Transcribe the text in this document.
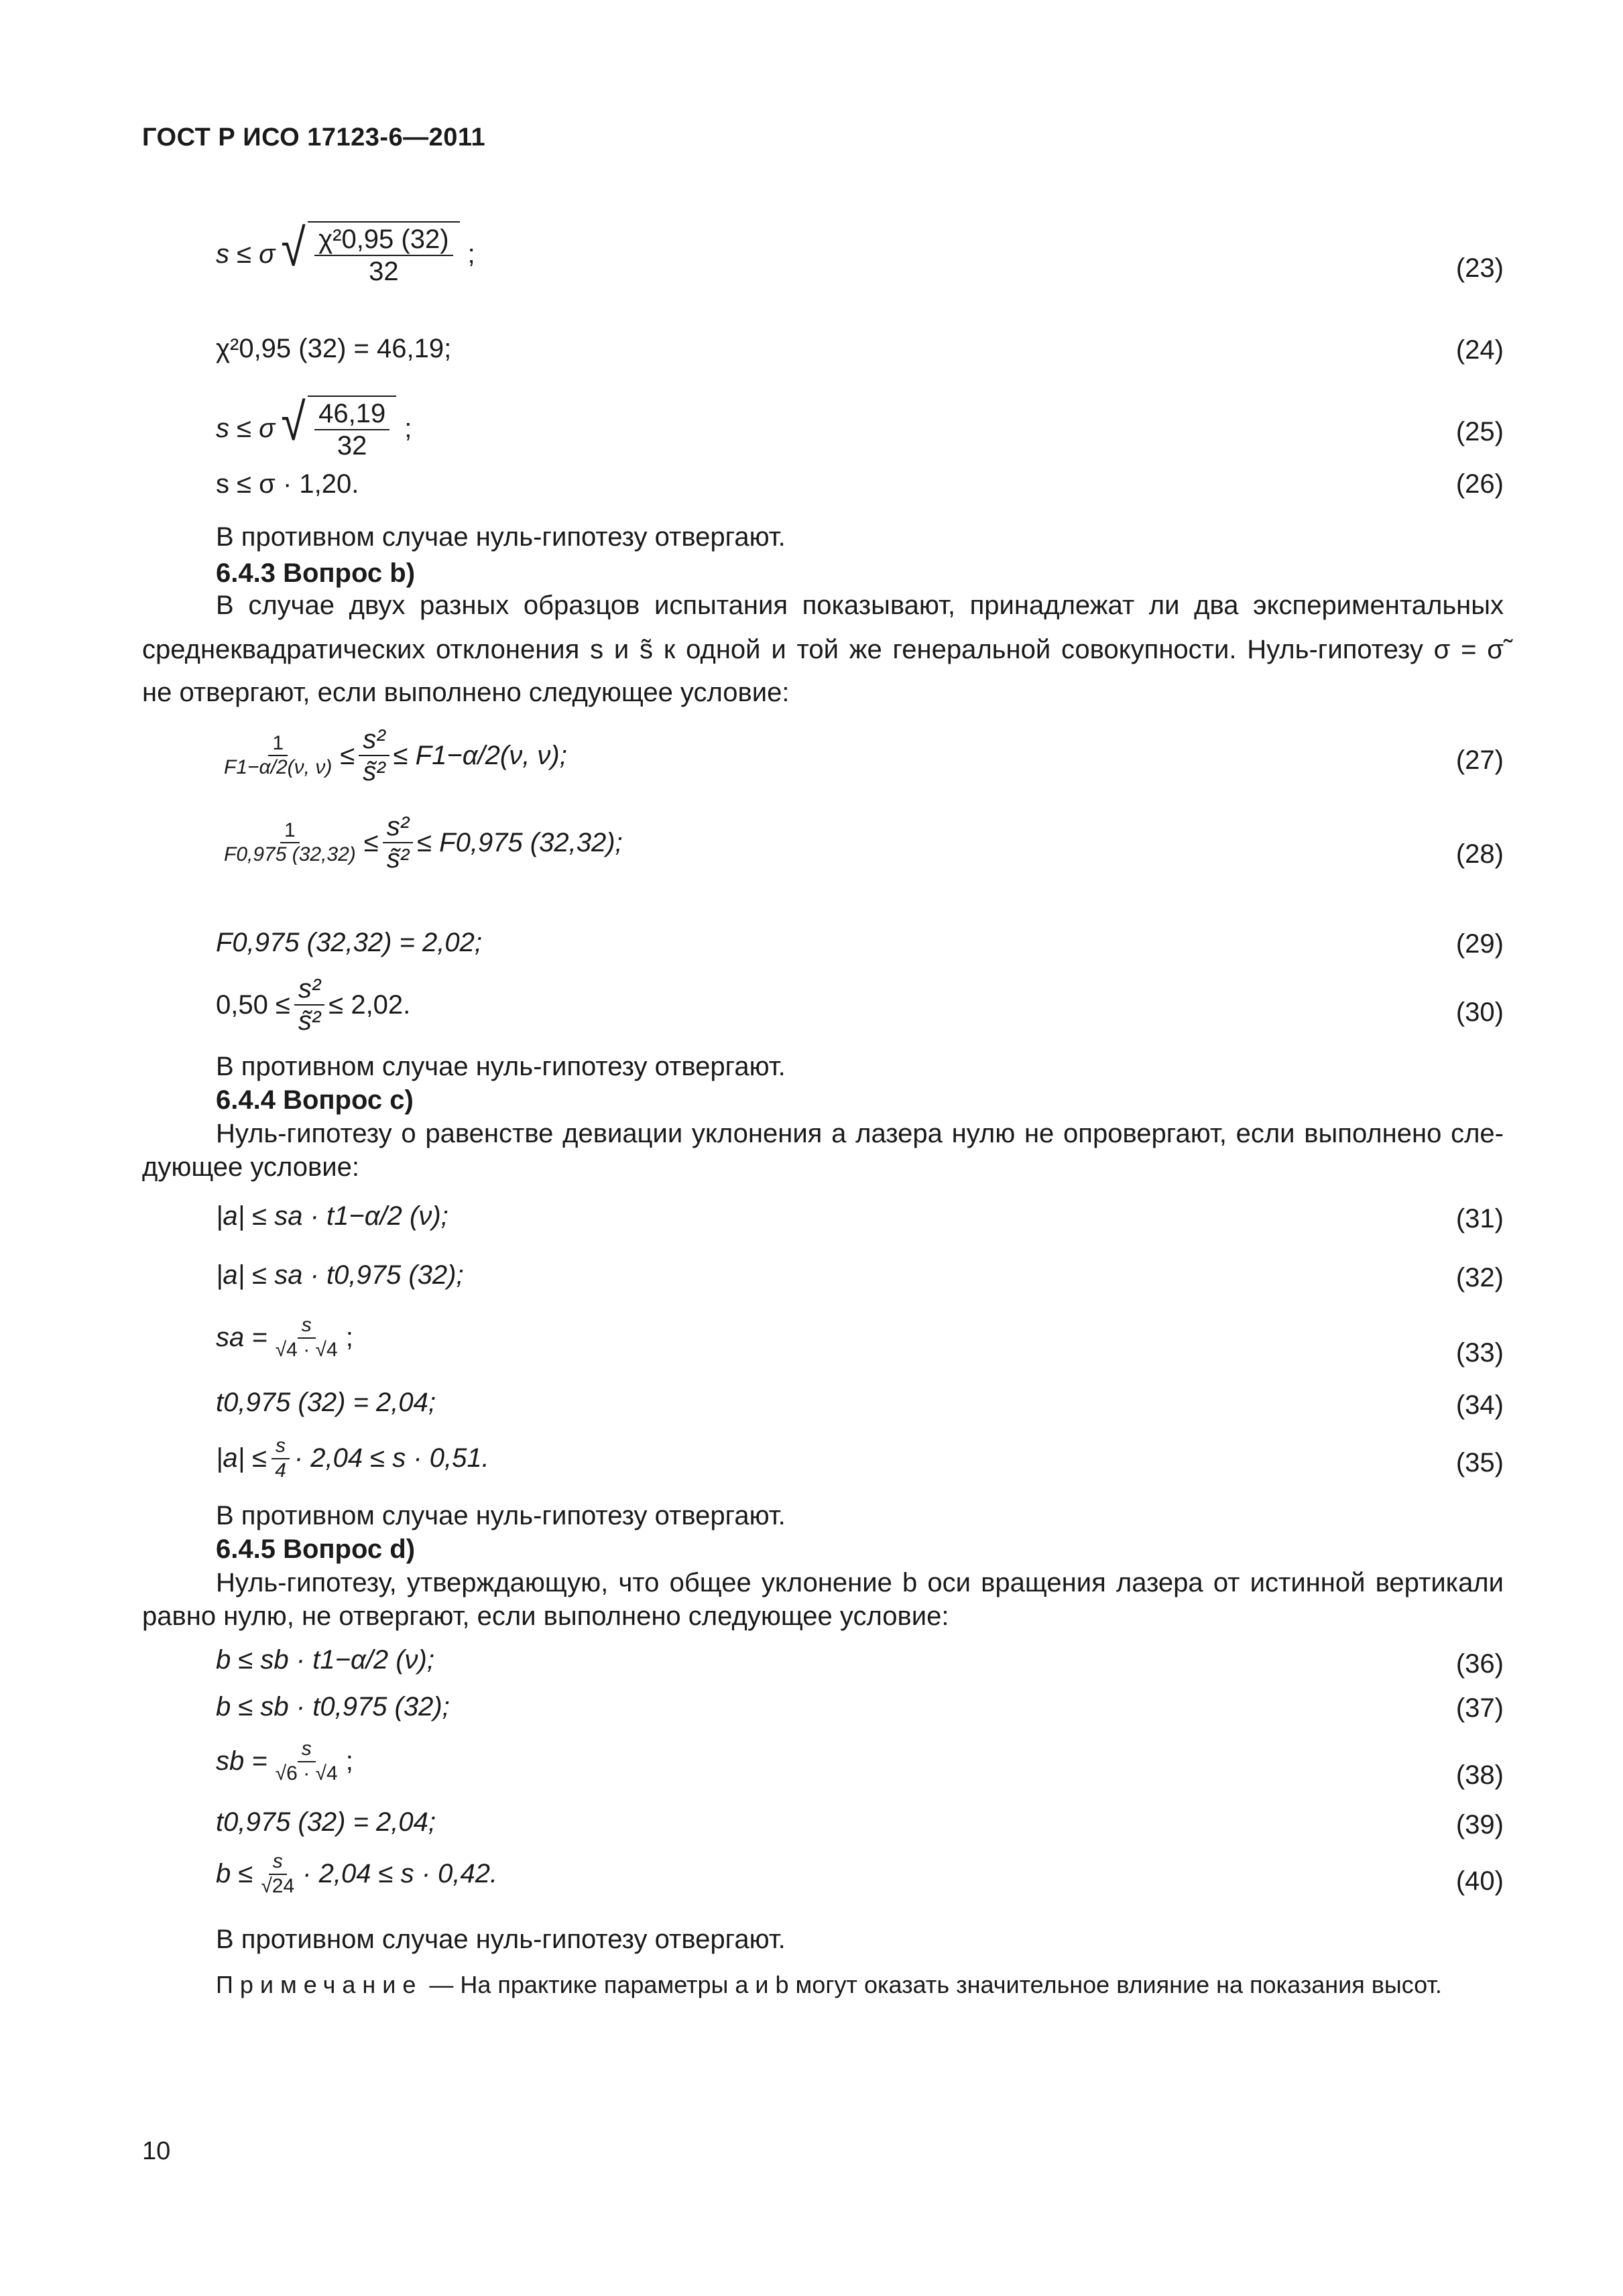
ГОСТ Р ИСО 17123-6—2011
s ≤ σ √ $\frac{\text{χ²0,95 (32)}}{32}$ ;	(23)
χ²0,95 (32) = 46,19;	(24)
s ≤ σ √ $\frac{46,19}{32}$ ;	(25)
s ≤ σ · 1,20.	(26)
В противном случае нуль-гипотезу отвергают.
6.4.3 Вопрос b)
В случае двух разных образцов испытания показывают, принадлежат ли два экспериментальных
среднеквадратических отклонения s и s̃ к одной и той же генеральной совокупности. Нуль-гипотезу σ = σ̃
не отвергают, если выполнено следующее условие:
$\frac{1}{F1-\alpha/2(\nu, \nu)} \le \frac{\text{s²}}{\text{s̃²}} \le F1-\alpha/2(\nu$, ν);	(27)
$\frac{1}{F0,975 (32,32)} \le \frac{\text{s²}}{\text{s̃²}} \le F0,975$ (32,32);	(28)
F0,975 (32,32) = 2,02;	(29)
$0,50 \le \frac{\text{s²}}{\text{s̃²}} \le 2,02$.	(30)
В противном случае нуль-гипотезу отвергают.
6.4.4 Вопрос c)
Нуль-гипотезу о равенстве девиации уклонения a лазера нулю не опровергают, если выполнено сле-
дующее условие:
|a| ≤ sa · t1−α/2 (ν);	(31)
|a| ≤ sa · t0,975 (32);	(32)
sa = $\frac{s}{√4 \cdot √4}$ ;
(33)
t0,975 (32) = 2,04;	(34)
$|a| \le \frac{s}{4} \cdot 2,04 \le s \cdot 0,51$.	(35)
В противном случае нуль-гипотезу отвергают.
6.4.5 Вопрос d)
Нуль-гипотезу, утверждающую, что общее уклонение b оси вращения лазера от истинной вертикали
равно нулю, не отвергают, если выполнено следующее условие:
b ≤ sb · t1−α/2 (ν);	(36)
b ≤ sb · t0,975 (32);	(37)
sb = $\frac{s}{√6 \cdot √4}$ ;	(38)
t0,975 (32) = 2,04;	(39)
$b \le \frac{s}{√24} \cdot 2,04 \le s \cdot 0,42$.	(40)
В противном случае нуль-гипотезу отвергают.
Примечание — На практике параметры a и b могут оказать значительное влияние на показания высот.
10
